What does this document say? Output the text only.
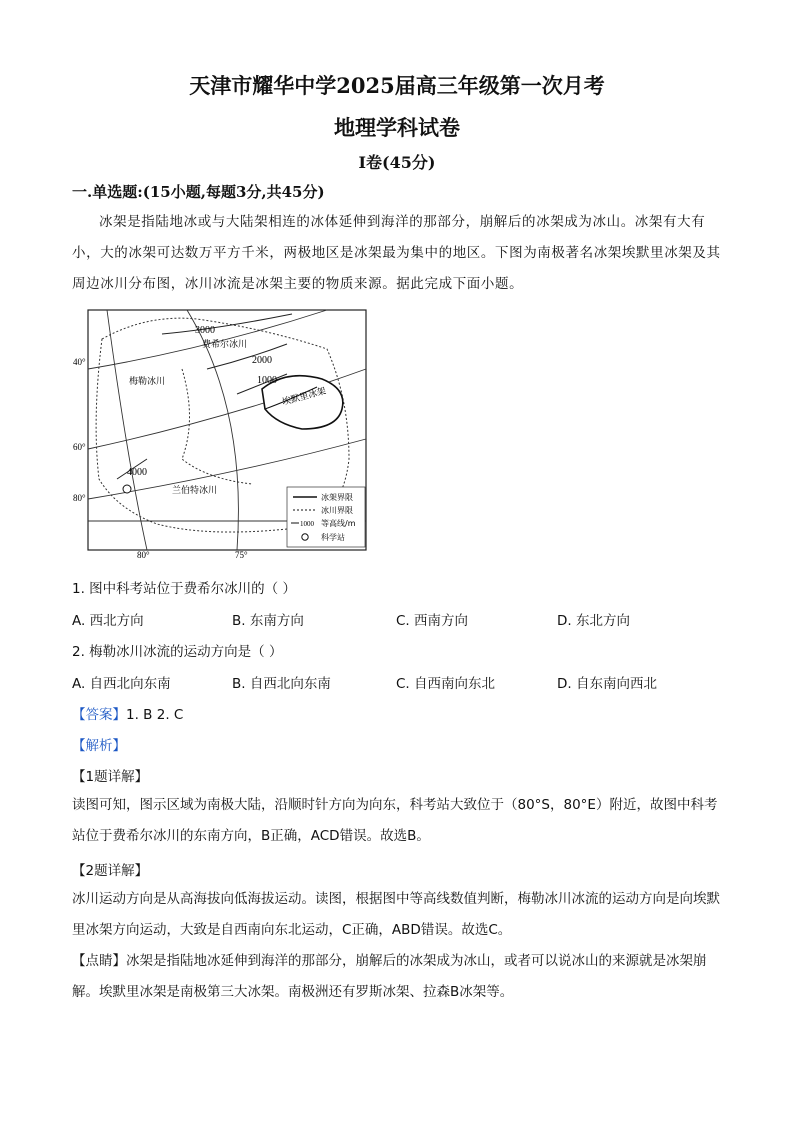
天津市耀华中学2025届高三年级第一次月考
地理学科试卷
Ⅰ卷(45分)
一.单选题:(15小题,每题3分,共45分)
冰架是指陆地冰或与大陆架相连的冰体延伸到海洋的那部分，崩解后的冰架成为冰山。冰架有大有小，大的冰架可达数万平方千米，两极地区是冰架最为集中的地区。下图为南极著名冰架埃默里冰架及其周边冰川分布图，冰川冰流是冰架主要的物质来源。据此完成下面小题。
40°
60°
80°
80°	75°
3000
2000
1000
4000
费希尔冰川
梅勒冰川
兰伯特冰川
埃默里冰架
冰架界限
冰川界限
1000 等高线/m
科学站
1. 图中科考站位于费希尔冰川的（ ）
A. 西北方向	B. 东南方向	C. 西南方向	D. 东北方向
2. 梅勒冰川冰流的运动方向是（ ）
A. 自西北向东南	B. 自西北向东南	C. 自西南向东北	D. 自东南向西北
【答案】1. B 2. C
【解析】
【1题详解】
读图可知，图示区域为南极大陆，沿顺时针方向为向东，科考站大致位于（80°S，80°E）附近，故图中科考站位于费希尔冰川的东南方向，B正确，ACD错误。故选B。
【2题详解】
冰川运动方向是从高海拔向低海拔运动。读图，根据图中等高线数值判断，梅勒冰川冰流的运动方向是向埃默里冰架方向运动，大致是自西南向东北运动，C正确，ABD错误。故选C。
【点睛】冰架是指陆地冰延伸到海洋的那部分，崩解后的冰架成为冰山，或者可以说冰山的来源就是冰架崩解。埃默里冰架是南极第三大冰架。南极洲还有罗斯冰架、拉森B冰架等。
